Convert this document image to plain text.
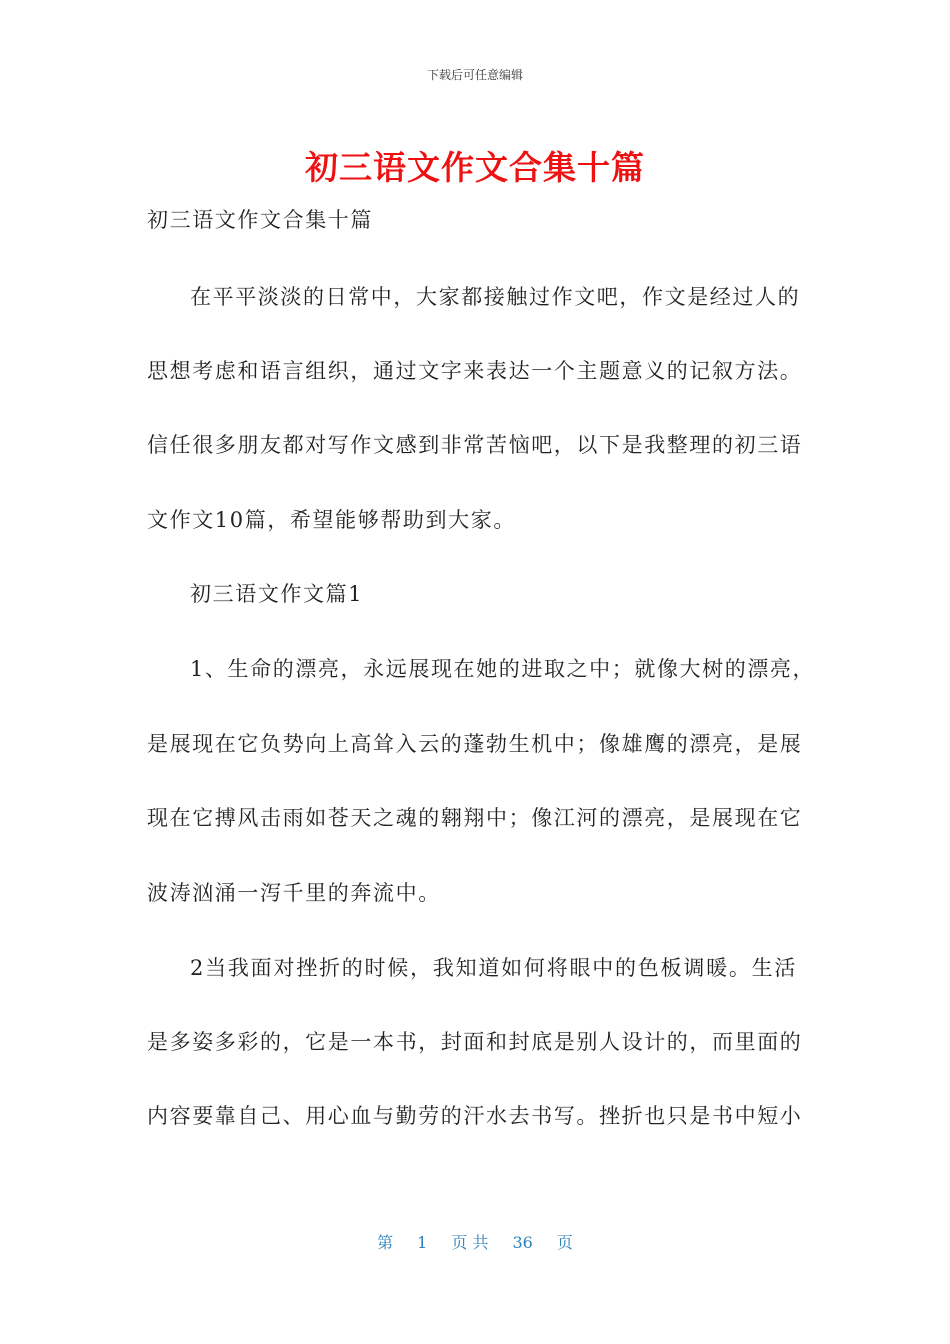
下载后可任意编辑
初三语文作文合集十篇
初三语文作文合集十篇
在平平淡淡的日常中，大家都接触过作文吧，作文是经过人的
思想考虑和语言组织，通过文字来表达一个主题意义的记叙方法。
信任很多朋友都对写作文感到非常苦恼吧，以下是我整理的初三语
文作文10篇，希望能够帮助到大家。
初三语文作文篇1
1、生命的漂亮，永远展现在她的进取之中；就像大树的漂亮，
是展现在它负势向上高耸入云的蓬勃生机中；像雄鹰的漂亮，是展
现在它搏风击雨如苍天之魂的翱翔中；像江河的漂亮，是展现在它
波涛汹涌一泻千里的奔流中。
2当我面对挫折的时候，我知道如何将眼中的色板调暖。生活
是多姿多彩的，它是一本书，封面和封底是别人设计的，而里面的
内容要靠自己、用心血与勤劳的汗水去书写。挫折也只是书中短小
第 1 页 共 36 页
